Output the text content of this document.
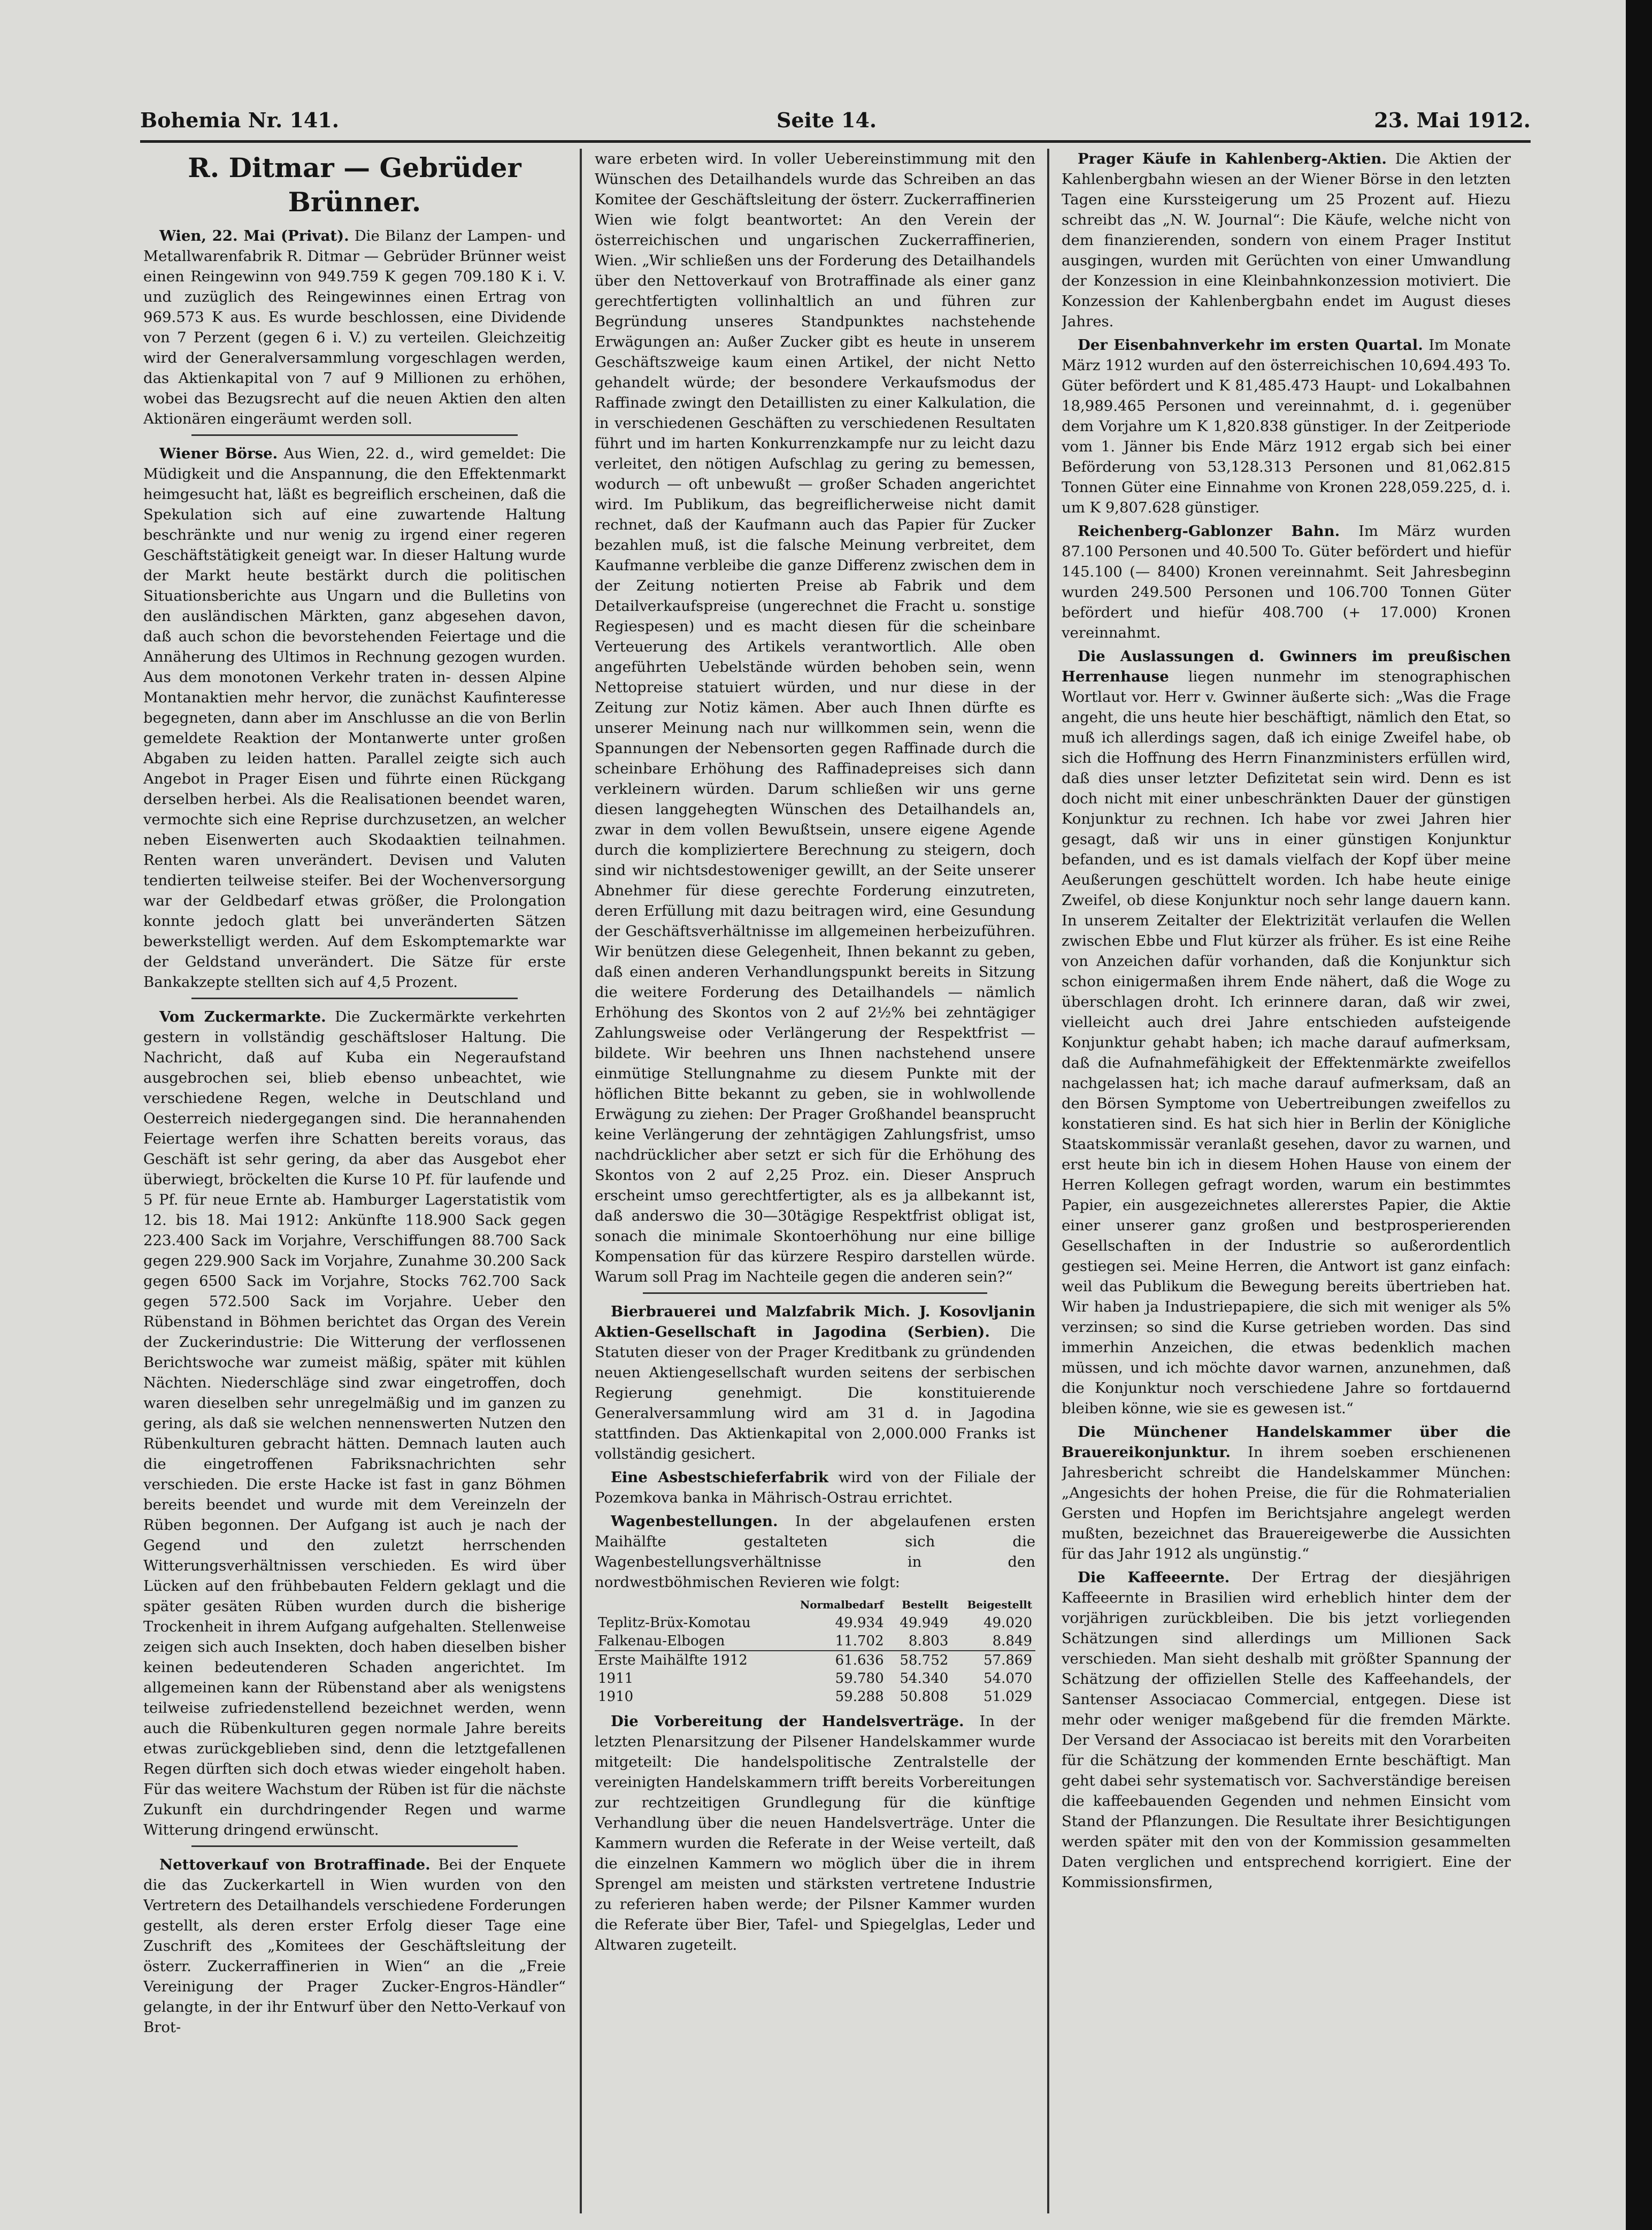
Bohemia Nr. 141.	Seite 14.	23. Mai 1912.
R. Ditmar — Gebrüder Brünner.

Wien, 22. Mai (Privat). Die Bilanz der Lampen- und Metallwarenfabrik R. Ditmar — Gebrüder Brünner weist einen Reingewinn von 949.759 K gegen 709.180 K i. V. und zuzüglich des Reingewinnes einen Ertrag von 969.573 K aus. Es wurde beschlossen, eine Dividende von 7 Perzent (gegen 6 i. V.) zu verteilen. Gleichzeitig wird der Generalversammlung vorgeschlagen werden, das Aktienkapital von 7 auf 9 Millionen zu erhöhen, wobei das Bezugsrecht auf die neuen Aktien den alten Aktionären eingeräumt werden soll.

Wiener Börse. Aus Wien, 22. d., wird gemeldet: Die Müdigkeit und die Anspannung, die den Effektenmarkt heimgesucht hat, läßt es begreiflich erscheinen, daß die Spekulation sich auf eine zuwartende Haltung beschränkte und nur wenig zu irgend einer regeren Geschäftstätigkeit geneigt war. In dieser Haltung wurde der Markt heute bestärkt durch die politischen Situationsberichte aus Ungarn und die Bulletins von den ausländischen Märkten, ganz abgesehen davon, daß auch schon die bevorstehenden Feiertage und die Annäherung des Ultimos in Rechnung gezogen wurden. Aus dem monotonen Verkehr traten in- dessen Alpine Montanaktien mehr hervor, die zunächst Kaufinteresse begegneten, dann aber im Anschlusse an die von Berlin gemeldete Reaktion der Montanwerte unter großen Abgaben zu leiden hatten. Parallel zeigte sich auch Angebot in Prager Eisen und führte einen Rückgang derselben herbei. Als die Realisationen beendet waren, vermochte sich eine Reprise durchzusetzen, an welcher neben Eisenwerten auch Skodaaktien teilnahmen. Renten waren unverändert. Devisen und Valuten tendierten teilweise steifer. Bei der Wochenversorgung war der Geldbedarf etwas größer, die Prolongation konnte jedoch glatt bei unveränderten Sätzen bewerkstelligt werden. Auf dem Eskomptemarkte war der Geldstand unverändert. Die Sätze für erste Bankakzepte stellten sich auf 4,5 Prozent.

Vom Zuckermarkte. Die Zuckermärkte verkehrten gestern in vollständig geschäftsloser Haltung. Die Nachricht, daß auf Kuba ein Negeraufstand ausgebrochen sei, blieb ebenso unbeachtet, wie verschiedene Regen, welche in Deutschland und Oesterreich niedergegangen sind. Die herannahenden Feiertage werfen ihre Schatten bereits voraus, das Geschäft ist sehr gering, da aber das Ausgebot eher überwiegt, bröckelten die Kurse 10 Pf. für laufende und 5 Pf. für neue Ernte ab. Hamburger Lagerstatistik vom 12. bis 18. Mai 1912: Ankünfte 118.900 Sack gegen 223.400 Sack im Vorjahre, Verschiffungen 88.700 Sack gegen 229.900 Sack im Vorjahre, Zunahme 30.200 Sack gegen 6500 Sack im Vorjahre, Stocks 762.700 Sack gegen 572.500 Sack im Vorjahre. Ueber den Rübenstand in Böhmen berichtet das Organ des Verein der Zuckerindustrie: Die Witterung der verflossenen Berichtswoche war zumeist mäßig, später mit kühlen Nächten. Niederschläge sind zwar eingetroffen, doch waren dieselben sehr unregelmäßig und im ganzen zu gering, als daß sie welchen nennenswerten Nutzen den Rübenkulturen gebracht hätten. Demnach lauten auch die eingetroffenen Fabriksnachrichten sehr verschieden. Die erste Hacke ist fast in ganz Böhmen bereits beendet und wurde mit dem Vereinzeln der Rüben begonnen. Der Aufgang ist auch je nach der Gegend und den zuletzt herrschenden Witterungsverhältnissen verschieden. Es wird über Lücken auf den frühbebauten Feldern geklagt und die später gesäten Rüben wurden durch die bisherige Trockenheit in ihrem Aufgang aufgehalten. Stellenweise zeigen sich auch Insekten, doch haben dieselben bisher keinen bedeutenderen Schaden angerichtet. Im allgemeinen kann der Rübenstand aber als wenigstens teilweise zufriedenstellend bezeichnet werden, wenn auch die Rübenkulturen gegen normale Jahre bereits etwas zurückgeblieben sind, denn die letztgefallenen Regen dürften sich doch etwas wieder eingeholt haben. Für das weitere Wachstum der Rüben ist für die nächste Zukunft ein durchdringender Regen und warme Witterung dringend erwünscht.

Nettoverkauf von Brotraffinade. Bei der Enquete die das Zuckerkartell in Wien wurden von den Vertretern des Detailhandels verschiedene Forderungen gestellt, als deren erster Erfolg dieser Tage eine Zuschrift des „Komitees der Geschäftsleitung der österr. Zuckerraffinerien in Wien“ an die „Freie Vereinigung der Prager Zucker-Engros-Händler“ gelangte, in der ihr Entwurf über den Netto-Verkauf von Brot-

ware erbeten wird. In voller Uebereinstimmung mit den Wünschen des Detailhandels wurde das Schreiben an das Komitee der Geschäftsleitung der österr. Zuckerraffinerien Wien wie folgt beantwortet: An den Verein der österreichischen und ungarischen Zuckerraffinerien, Wien. „Wir schließen uns der Forderung des Detailhandels über den Nettoverkauf von Brotraffinade als einer ganz gerechtfertigten vollinhaltlich an und führen zur Begründung unseres Standpunktes nachstehende Erwägungen an: Außer Zucker gibt es heute in unserem Geschäftszweige kaum einen Artikel, der nicht Netto gehandelt würde; der besondere Verkaufsmodus der Raffinade zwingt den Detaillisten zu einer Kalkulation, die in verschiedenen Geschäften zu verschiedenen Resultaten führt und im harten Konkurrenzkampfe nur zu leicht dazu verleitet, den nötigen Aufschlag zu gering zu bemessen, wodurch — oft unbewußt — großer Schaden angerichtet wird. Im Publikum, das begreiflicherweise nicht damit rechnet, daß der Kaufmann auch das Papier für Zucker bezahlen muß, ist die falsche Meinung verbreitet, dem Kaufmanne verbleibe die ganze Differenz zwischen dem in der Zeitung notierten Preise ab Fabrik und dem Detailverkaufspreise (ungerechnet die Fracht u. sonstige Regiespesen) und es macht diesen für die scheinbare Verteuerung des Artikels verantwortlich. Alle oben angeführten Uebelstände würden behoben sein, wenn Nettopreise statuiert würden, und nur diese in der Zeitung zur Notiz kämen. Aber auch Ihnen dürfte es unserer Meinung nach nur willkommen sein, wenn die Spannungen der Nebensorten gegen Raffinade durch die scheinbare Erhöhung des Raffinadepreises sich dann verkleinern würden. Darum schließen wir uns gerne diesen langgehegten Wünschen des Detailhandels an, zwar in dem vollen Bewußtsein, unsere eigene Agende durch die kompliziertere Berechnung zu steigern, doch sind wir nichtsdestoweniger gewillt, an der Seite unserer Abnehmer für diese gerechte Forderung einzutreten, deren Erfüllung mit dazu beitragen wird, eine Gesundung der Geschäftsverhältnisse im allgemeinen herbeizuführen. Wir benützen diese Gelegenheit, Ihnen bekannt zu geben, daß einen anderen Verhandlungspunkt bereits in Sitzung die weitere Forderung des Detailhandels — nämlich Erhöhung des Skontos von 2 auf 2½% bei zehntägiger Zahlungsweise oder Verlängerung der Respektfrist — bildete. Wir beehren uns Ihnen nachstehend unsere einmütige Stellungnahme zu diesem Punkte mit der höflichen Bitte bekannt zu geben, sie in wohlwollende Erwägung zu ziehen: Der Prager Großhandel beansprucht keine Verlängerung der zehntägigen Zahlungsfrist, umso nachdrücklicher aber setzt er sich für die Erhöhung des Skontos von 2 auf 2,25 Proz. ein. Dieser Anspruch erscheint umso gerechtfertigter, als es ja allbekannt ist, daß anderswo die 30—30tägige Respektfrist obligat ist, sonach die minimale Skontoerhöhung nur eine billige Kompensation für das kürzere Respiro darstellen würde. Warum soll Prag im Nachteile gegen die anderen sein?“

Bierbrauerei und Malzfabrik Mich. J. Kosovljanin Aktien-Gesellschaft in Jagodina (Serbien). Die Statuten dieser von der Prager Kreditbank zu gründenden neuen Aktiengesellschaft wurden seitens der serbischen Regierung genehmigt. Die konstituierende Generalversammlung wird am 31 d. in Jagodina stattfinden. Das Aktienkapital von 2,000.000 Franks ist vollständig gesichert.

Eine Asbestschieferfabrik wird von der Filiale der Pozemkova banka in Mährisch-Ostrau errichtet.

Wagenbestellungen. In der abgelaufenen ersten Maihälfte gestalteten sich die Wagenbestellungsverhältnisse in den nordwestböhmischen Revieren wie folgt:

	Normalbedarf	Bestellt	Beigestellt
Teplitz-Brüx-Komotau	49.934	49.949	49.020
Falkenau-Elbogen	11.702	8.803	8.849
Erste Maihälfte 1912	61.636	58.752	57.869
1911	59.780	54.340	54.070
1910	59.288	50.808	51.029

Die Vorbereitung der Handelsverträge. In der letzten Plenarsitzung der Pilsener Handelskammer wurde mitgeteilt: Die handelspolitische Zentralstelle der vereinigten Handelskammern trifft bereits Vorbereitungen zur rechtzeitigen Grundlegung für die künftige Verhandlung über die neuen Handelsverträge. Unter die Kammern wurden die Referate in der Weise verteilt, daß die einzelnen Kammern wo möglich über die in ihrem Sprengel am meisten und stärksten vertretene Industrie zu referieren haben werde; der Pilsner Kammer wurden die Referate über Bier, Tafel- und Spiegelglas, Leder und Altwaren zugeteilt.

Prager Käufe in Kahlenberg-Aktien. Die Aktien der Kahlenbergbahn wiesen an der Wiener Börse in den letzten Tagen eine Kurssteigerung um 25 Prozent auf. Hiezu schreibt das „N. W. Journal“: Die Käufe, welche nicht von dem finanzierenden, sondern von einem Prager Institut ausgingen, wurden mit Gerüchten von einer Umwandlung der Konzession in eine Kleinbahnkonzession motiviert. Die Konzession der Kahlenbergbahn endet im August dieses Jahres.

Der Eisenbahnverkehr im ersten Quartal. Im Monate März 1912 wurden auf den österreichischen 10,694.493 To. Güter befördert und K 81,485.473 Haupt- und Lokalbahnen 18,989.465 Personen und vereinnahmt, d. i. gegenüber dem Vorjahre um K 1,820.838 günstiger. In der Zeitperiode vom 1. Jänner bis Ende März 1912 ergab sich bei einer Beförderung von 53,128.313 Personen und 81,062.815 Tonnen Güter eine Einnahme von Kronen 228,059.225, d. i. um K 9,807.628 günstiger.

Reichenberg-Gablonzer Bahn. Im März wurden 87.100 Personen und 40.500 To. Güter befördert und hiefür 145.100 (— 8400) Kronen vereinnahmt. Seit Jahresbeginn wurden 249.500 Personen und 106.700 Tonnen Güter befördert und hiefür 408.700 (+ 17.000) Kronen vereinnahmt.

Die Auslassungen d. Gwinners im preußischen Herrenhause liegen nunmehr im stenographischen Wortlaut vor. Herr v. Gwinner äußerte sich: „Was die Frage angeht, die uns heute hier beschäftigt, nämlich den Etat, so muß ich allerdings sagen, daß ich einige Zweifel habe, ob sich die Hoffnung des Herrn Finanzministers erfüllen wird, daß dies unser letzter Defizitetat sein wird. Denn es ist doch nicht mit einer unbeschränkten Dauer der günstigen Konjunktur zu rechnen. Ich habe vor zwei Jahren hier gesagt, daß wir uns in einer günstigen Konjunktur befanden, und es ist damals vielfach der Kopf über meine Aeußerungen geschüttelt worden. Ich habe heute einige Zweifel, ob diese Konjunktur noch sehr lange dauern kann. In unserem Zeitalter der Elektrizität verlaufen die Wellen zwischen Ebbe und Flut kürzer als früher. Es ist eine Reihe von Anzeichen dafür vorhanden, daß die Konjunktur sich schon einigermaßen ihrem Ende nähert, daß die Woge zu überschlagen droht. Ich erinnere daran, daß wir zwei, vielleicht auch drei Jahre entschieden aufsteigende Konjunktur gehabt haben; ich mache darauf aufmerksam, daß die Aufnahmefähigkeit der Effektenmärkte zweifellos nachgelassen hat; ich mache darauf aufmerksam, daß an den Börsen Symptome von Uebertreibungen zweifellos zu konstatieren sind. Es hat sich hier in Berlin der Königliche Staatskommissär veranlaßt gesehen, davor zu warnen, und erst heute bin ich in diesem Hohen Hause von einem der Herren Kollegen gefragt worden, warum ein bestimmtes Papier, ein ausgezeichnetes allererstes Papier, die Aktie einer unserer ganz großen und bestprosperierenden Gesellschaften in der Industrie so außerordentlich gestiegen sei. Meine Herren, die Antwort ist ganz einfach: weil das Publikum die Bewegung bereits übertrieben hat. Wir haben ja Industriepapiere, die sich mit weniger als 5% verzinsen; so sind die Kurse getrieben worden. Das sind immerhin Anzeichen, die etwas bedenklich machen müssen, und ich möchte davor warnen, anzunehmen, daß die Konjunktur noch verschiedene Jahre so fortdauernd bleiben könne, wie sie es gewesen ist.“

Die Münchener Handelskammer über die Brauereikonjunktur. In ihrem soeben erschienenen Jahresbericht schreibt die Handelskammer München: „Angesichts der hohen Preise, die für die Rohmaterialien Gersten und Hopfen im Berichtsjahre angelegt werden mußten, bezeichnet das Brauereigewerbe die Aussichten für das Jahr 1912 als ungünstig.“

Die Kaffeeernte. Der Ertrag der diesjährigen Kaffeeernte in Brasilien wird erheblich hinter dem der vorjährigen zurückbleiben. Die bis jetzt vorliegenden Schätzungen sind allerdings um Millionen Sack verschieden. Man sieht deshalb mit größter Spannung der Schätzung der offiziellen Stelle des Kaffeehandels, der Santenser Associacao Commercial, entgegen. Diese ist mehr oder weniger maßgebend für die fremden Märkte. Der Versand der Associacao ist bereits mit den Vorarbeiten für die Schätzung der kommenden Ernte beschäftigt. Man geht dabei sehr systematisch vor. Sachverständige bereisen die kaffeebauenden Gegenden und nehmen Einsicht vom Stand der Pflanzungen. Die Resultate ihrer Besichtigungen werden später mit den von der Kommission gesammelten Daten verglichen und entsprechend korrigiert. Eine der Kommissionsfirmen,
